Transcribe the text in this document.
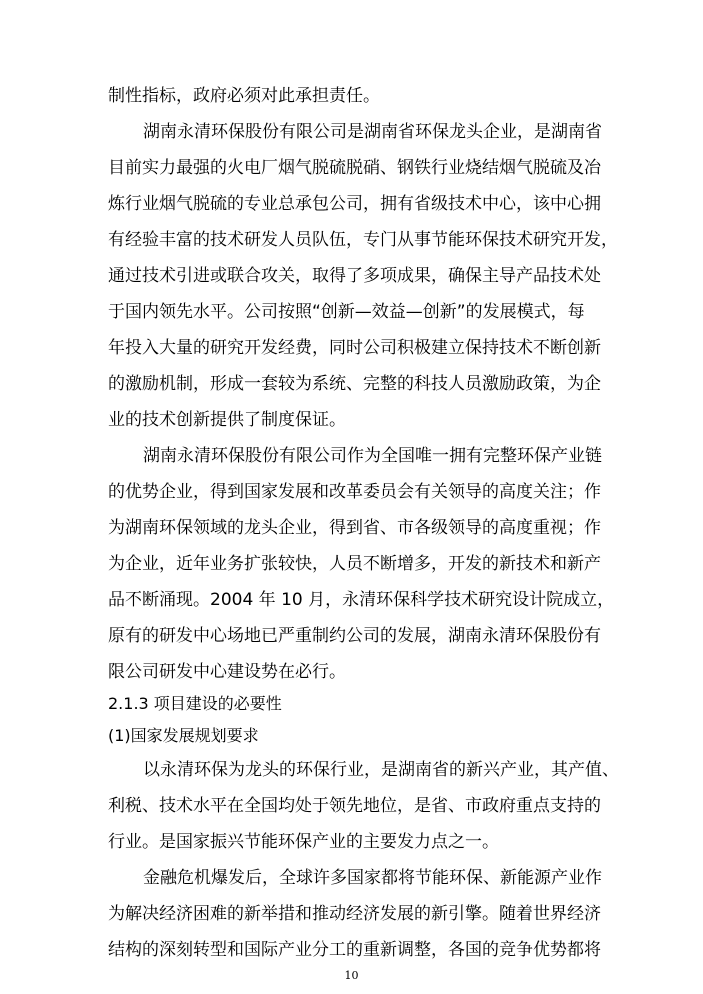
制性指标，政府必须对此承担责任。
湖南永清环保股份有限公司是湖南省环保龙头企业，是湖南省
目前实力最强的火电厂烟气脱硫脱硝、钢铁行业烧结烟气脱硫及冶
炼行业烟气脱硫的专业总承包公司，拥有省级技术中心，该中心拥
有经验丰富的技术研发人员队伍，专门从事节能环保技术研究开发，
通过技术引进或联合攻关，取得了多项成果，确保主导产品技术处
于国内领先水平。公司按照“创新—效益—创新”的发展模式，每
年投入大量的研究开发经费，同时公司积极建立保持技术不断创新
的激励机制，形成一套较为系统、完整的科技人员激励政策，为企
业的技术创新提供了制度保证。
湖南永清环保股份有限公司作为全国唯一拥有完整环保产业链
的优势企业，得到国家发展和改革委员会有关领导的高度关注；作
为湖南环保领域的龙头企业，得到省、市各级领导的高度重视；作
为企业，近年业务扩张较快，人员不断增多，开发的新技术和新产
品不断涌现。2004 年 10 月，永清环保科学技术研究设计院成立，
原有的研发中心场地已严重制约公司的发展，湖南永清环保股份有
限公司研发中心建设势在必行。
2.1.3 项目建设的必要性
(1)国家发展规划要求
以永清环保为龙头的环保行业，是湖南省的新兴产业，其产值、
利税、技术水平在全国均处于领先地位，是省、市政府重点支持的
行业。是国家振兴节能环保产业的主要发力点之一。
金融危机爆发后，全球许多国家都将节能环保、新能源产业作
为解决经济困难的新举措和推动经济发展的新引擎。随着世界经济
结构的深刻转型和国际产业分工的重新调整，各国的竞争优势都将
10
